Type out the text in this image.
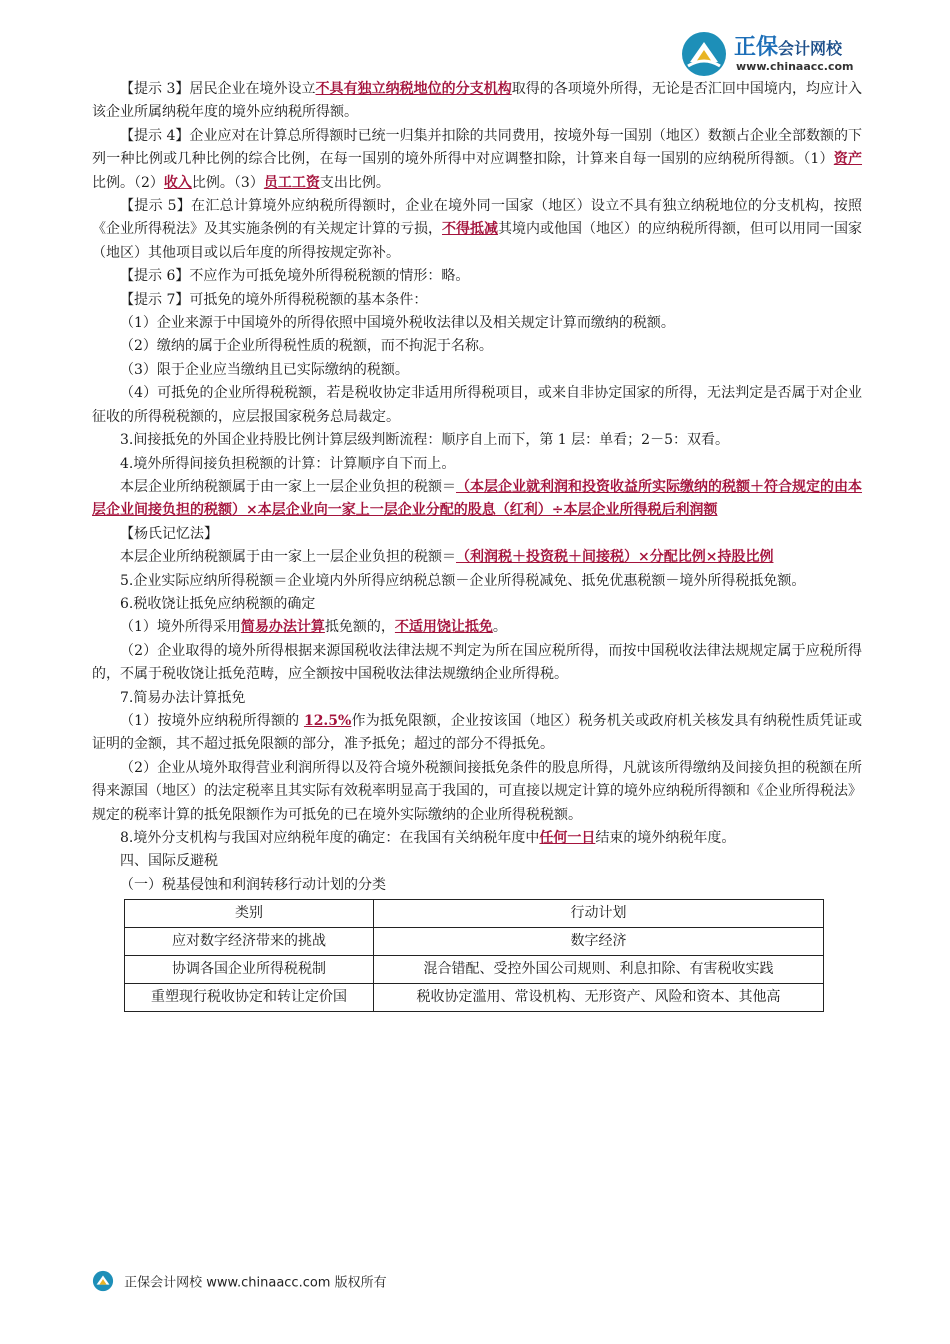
正保会计网校
www.chinaacc.com

【提示 3】居民企业在境外设立不具有独立纳税地位的分支机构取得的各项境外所得，无论是否汇回中国境内，均应计入该企业所属纳税年度的境外应纳税所得额。

【提示 4】企业应对在计算总所得额时已统一归集并扣除的共同费用，按境外每一国别（地区）数额占企业全部数额的下列一种比例或几种比例的综合比例，在每一国别的境外所得中对应调整扣除，计算来自每一国别的应纳税所得额。（1）资产比例。（2）收入比例。（3）员工工资支出比例。

【提示 5】在汇总计算境外应纳税所得额时，企业在境外同一国家（地区）设立不具有独立纳税地位的分支机构，按照《企业所得税法》及其实施条例的有关规定计算的亏损，不得抵减其境内或他国（地区）的应纳税所得额，但可以用同一国家（地区）其他项目或以后年度的所得按规定弥补。

【提示 6】不应作为可抵免境外所得税税额的情形：略。

【提示 7】可抵免的境外所得税税额的基本条件：

（1）企业来源于中国境外的所得依照中国境外税收法律以及相关规定计算而缴纳的税额。

（2）缴纳的属于企业所得税性质的税额，而不拘泥于名称。

（3）限于企业应当缴纳且已实际缴纳的税额。

（4）可抵免的企业所得税税额，若是税收协定非适用所得税项目，或来自非协定国家的所得，无法判定是否属于对企业征收的所得税税额的，应层报国家税务总局裁定。

3.间接抵免的外国企业持股比例计算层级判断流程：顺序自上而下，第 1 层：单看；2－5：双看。

4.境外所得间接负担税额的计算：计算顺序自下而上。

本层企业所纳税额属于由一家上一层企业负担的税额＝（本层企业就利润和投资收益所实际缴纳的税额＋符合规定的由本层企业间接负担的税额）×本层企业向一家上一层企业分配的股息（红利）÷本层企业所得税后利润额

【杨氏记忆法】

本层企业所纳税额属于由一家上一层企业负担的税额＝（利润税＋投资税＋间接税）×分配比例×持股比例

5.企业实际应纳所得税额＝企业境内外所得应纳税总额－企业所得税减免、抵免优惠税额－境外所得税抵免额。

6.税收饶让抵免应纳税额的确定

（1）境外所得采用简易办法计算抵免额的，不适用饶让抵免。

（2）企业取得的境外所得根据来源国税收法律法规不判定为所在国应税所得，而按中国税收法律法规规定属于应税所得的，不属于税收饶让抵免范畴，应全额按中国税收法律法规缴纳企业所得税。

7.简易办法计算抵免

（1）按境外应纳税所得额的 12.5%作为抵免限额，企业按该国（地区）税务机关或政府机关核发具有纳税性质凭证或证明的金额，其不超过抵免限额的部分，准予抵免；超过的部分不得抵免。

（2）企业从境外取得营业利润所得以及符合境外税额间接抵免条件的股息所得，凡就该所得缴纳及间接负担的税额在所得来源国（地区）的法定税率且其实际有效税率明显高于我国的，可直接以规定计算的境外应纳税所得额和《企业所得税法》规定的税率计算的抵免限额作为可抵免的已在境外实际缴纳的企业所得税税额。

8.境外分支机构与我国对应纳税年度的确定：在我国有关纳税年度中任何一日结束的境外纳税年度。

四、国际反避税

（一）税基侵蚀和利润转移行动计划的分类

类别	行动计划
应对数字经济带来的挑战	数字经济
协调各国企业所得税税制	混合错配、受控外国公司规则、利息扣除、有害税收实践
重塑现行税收协定和转让定价国	税收协定滥用、常设机构、无形资产、风险和资本、其他高
正保会计网校 www.chinaacc.com 版权所有
